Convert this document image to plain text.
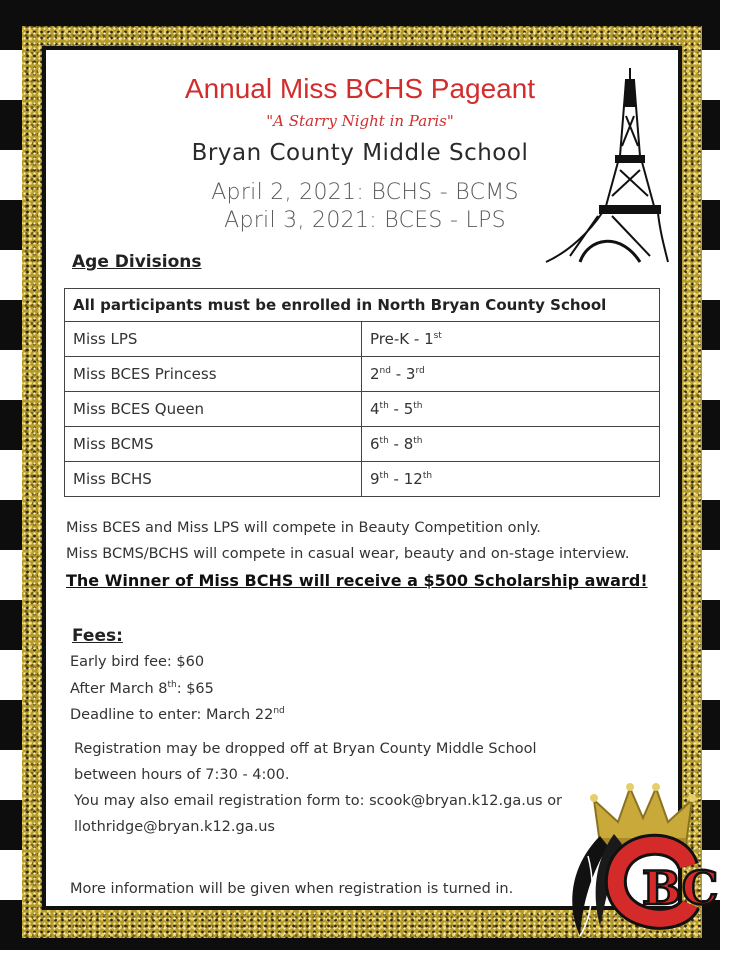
Annual Miss BCHS Pageant
"A Starry Night in Paris"
Bryan County Middle School
April 2, 2021: BCHS - BCMS
April 3, 2021: BCES - LPS
Age Divisions
All participants must be enrolled in North Bryan County School	
Miss LPS	Pre-K - 1st
Miss BCES Princess	2nd - 3rd
Miss BCES Queen	4th - 5th
Miss BCMS	6th - 8th
Miss BCHS	9th - 12th
Miss BCES and Miss LPS will compete in Beauty Competition only.
Miss BCMS/BCHS will compete in casual wear, beauty and on-stage interview.
The Winner of Miss BCHS will receive a $500 Scholarship award!
Fees:
Early bird fee: $60
After March 8th: $65
Deadline to enter: March 22nd
Registration may be dropped off at Bryan County Middle School between hours of 7:30 - 4:00.
You may also email registration form to: scook@bryan.k12.ga.us or llothridge@bryan.k12.ga.us
More information will be given when registration is turned in.	BC
